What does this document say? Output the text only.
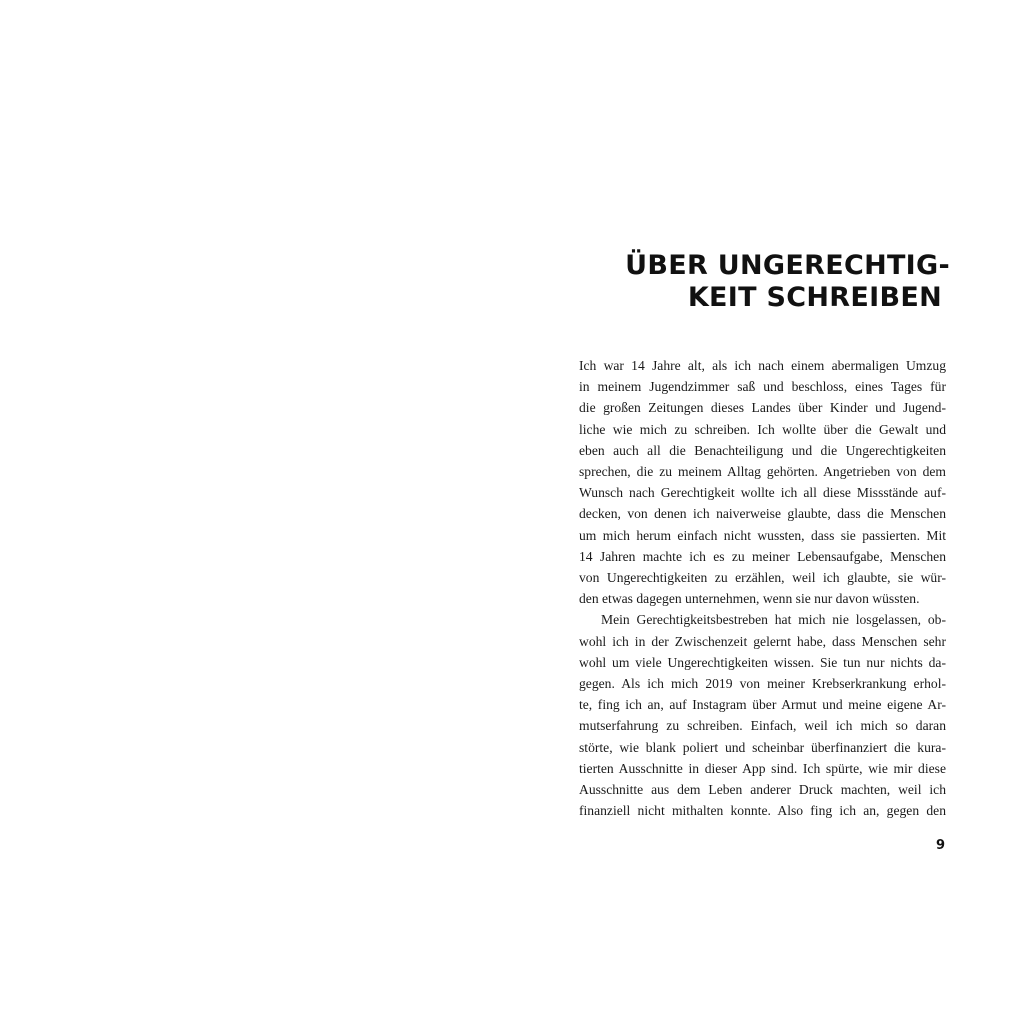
ÜBER UNGERECHTIG-
KEIT SCHREIBEN
Ich war 14 Jahre alt, als ich nach einem abermaligen Umzug
in meinem Jugendzimmer saß und beschloss, eines Tages für
die großen Zeitungen dieses Landes über Kinder und Jugend-
liche wie mich zu schreiben. Ich wollte über die Gewalt und
eben auch all die Benachteiligung und die Ungerechtigkeiten
sprechen, die zu meinem Alltag gehörten. Angetrieben von dem
Wunsch nach Gerechtigkeit wollte ich all diese Missstände auf-
decken, von denen ich naiverweise glaubte, dass die Menschen
um mich herum einfach nicht wussten, dass sie passierten. Mit
14 Jahren machte ich es zu meiner Lebensaufgabe, Menschen
von Ungerechtigkeiten zu erzählen, weil ich glaubte, sie wür-
den etwas dagegen unternehmen, wenn sie nur davon wüssten.
Mein Gerechtigkeitsbestreben hat mich nie losgelassen, ob-
wohl ich in der Zwischenzeit gelernt habe, dass Menschen sehr
wohl um viele Ungerechtigkeiten wissen. Sie tun nur nichts da-
gegen. Als ich mich 2019 von meiner Krebserkrankung erhol-
te, fing ich an, auf Instagram über Armut und meine eigene Ar-
mutserfahrung zu schreiben. Einfach, weil ich mich so daran
störte, wie blank poliert und scheinbar überfinanziert die kura-
tierten Ausschnitte in dieser App sind. Ich spürte, wie mir diese
Ausschnitte aus dem Leben anderer Druck machten, weil ich
finanziell nicht mithalten konnte. Also fing ich an, gegen den
9
